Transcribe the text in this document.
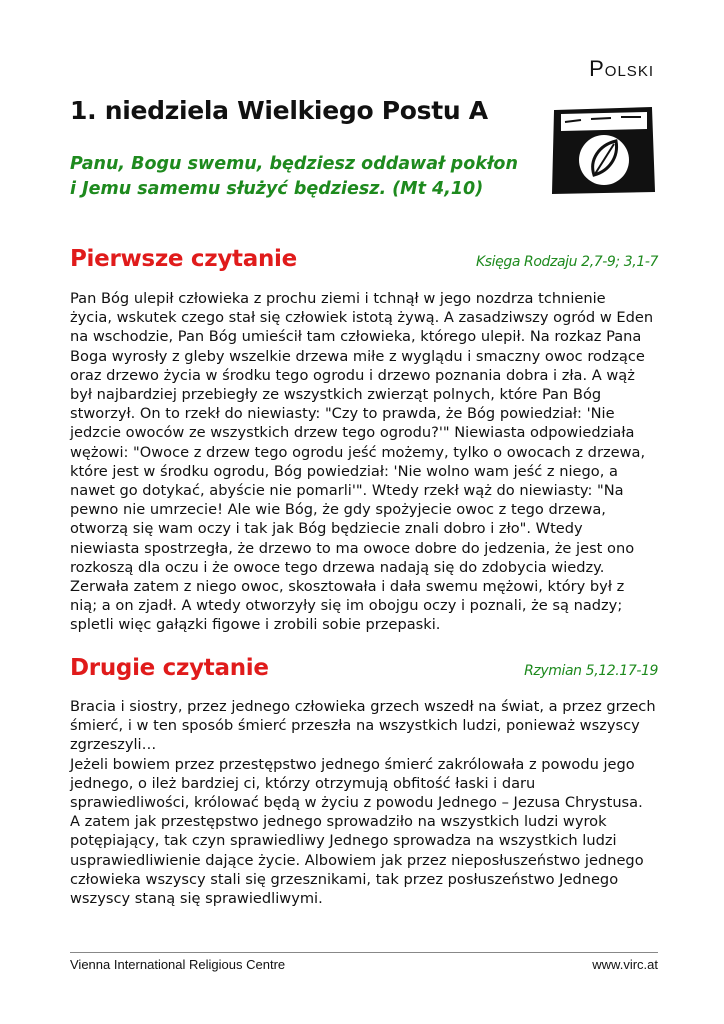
Polski
1. niedziela Wielkiego Postu A
Panu, Bogu swemu, będziesz oddawał pokłon
i Jemu samemu służyć będziesz. (Mt 4,10)
Pierwsze czytanie	Księga Rodzaju 2,7-9; 3,1-7
Pan Bóg ulepił człowieka z prochu ziemi i tchnął w jego nozdrza tchnienie
życia, wskutek czego stał się człowiek istotą żywą. A zasadziwszy ogród w Eden
na wschodzie, Pan Bóg umieścił tam człowieka, którego ulepił. Na rozkaz Pana
Boga wyrosły z gleby wszelkie drzewa miłe z wyglądu i smaczny owoc rodzące
oraz drzewo życia w środku tego ogrodu i drzewo poznania dobra i zła. A wąż
był najbardziej przebiegły ze wszystkich zwierząt polnych, które Pan Bóg
stworzył. On to rzekł do niewiasty: "Czy to prawda, że Bóg powiedział: 'Nie
jedzcie owoców ze wszystkich drzew tego ogrodu?'" Niewiasta odpowiedziała
wężowi: "Owoce z drzew tego ogrodu jeść możemy, tylko o owocach z drzewa,
które jest w środku ogrodu, Bóg powiedział: 'Nie wolno wam jeść z niego, a
nawet go dotykać, abyście nie pomarli'". Wtedy rzekł wąż do niewiasty: "Na
pewno nie umrzecie! Ale wie Bóg, że gdy spożyjecie owoc z tego drzewa,
otworzą się wam oczy i tak jak Bóg będziecie znali dobro i zło". Wtedy
niewiasta spostrzegła, że drzewo to ma owoce dobre do jedzenia, że jest ono
rozkoszą dla oczu i że owoce tego drzewa nadają się do zdobycia wiedzy.
Zerwała zatem z niego owoc, skosztowała i dała swemu mężowi, który był z
nią; a on zjadł. A wtedy otworzyły się im obojgu oczy i poznali, że są nadzy;
spletli więc gałązki figowe i zrobili sobie przepaski.
Drugie czytanie	Rzymian 5,12.17-19
Bracia i siostry, przez jednego człowieka grzech wszedł na świat, a przez grzech
śmierć, i w ten sposób śmierć przeszła na wszystkich ludzi, ponieważ wszyscy
zgrzeszyli…
Jeżeli bowiem przez przestępstwo jednego śmierć zakrólowała z powodu jego
jednego, o ileż bardziej ci, którzy otrzymują obfitość łaski i daru
sprawiedliwości, królować będą w życiu z powodu Jednego – Jezusa Chrystusa.
A zatem jak przestępstwo jednego sprowadziło na wszystkich ludzi wyrok
potępiający, tak czyn sprawiedliwy Jednego sprowadza na wszystkich ludzi
usprawiedliwienie dające życie. Albowiem jak przez nieposłuszeństwo jednego
człowieka wszyscy stali się grzesznikami, tak przez posłuszeństwo Jednego
wszyscy staną się sprawiedliwymi.
Vienna International Religious Centre	www.virc.at
